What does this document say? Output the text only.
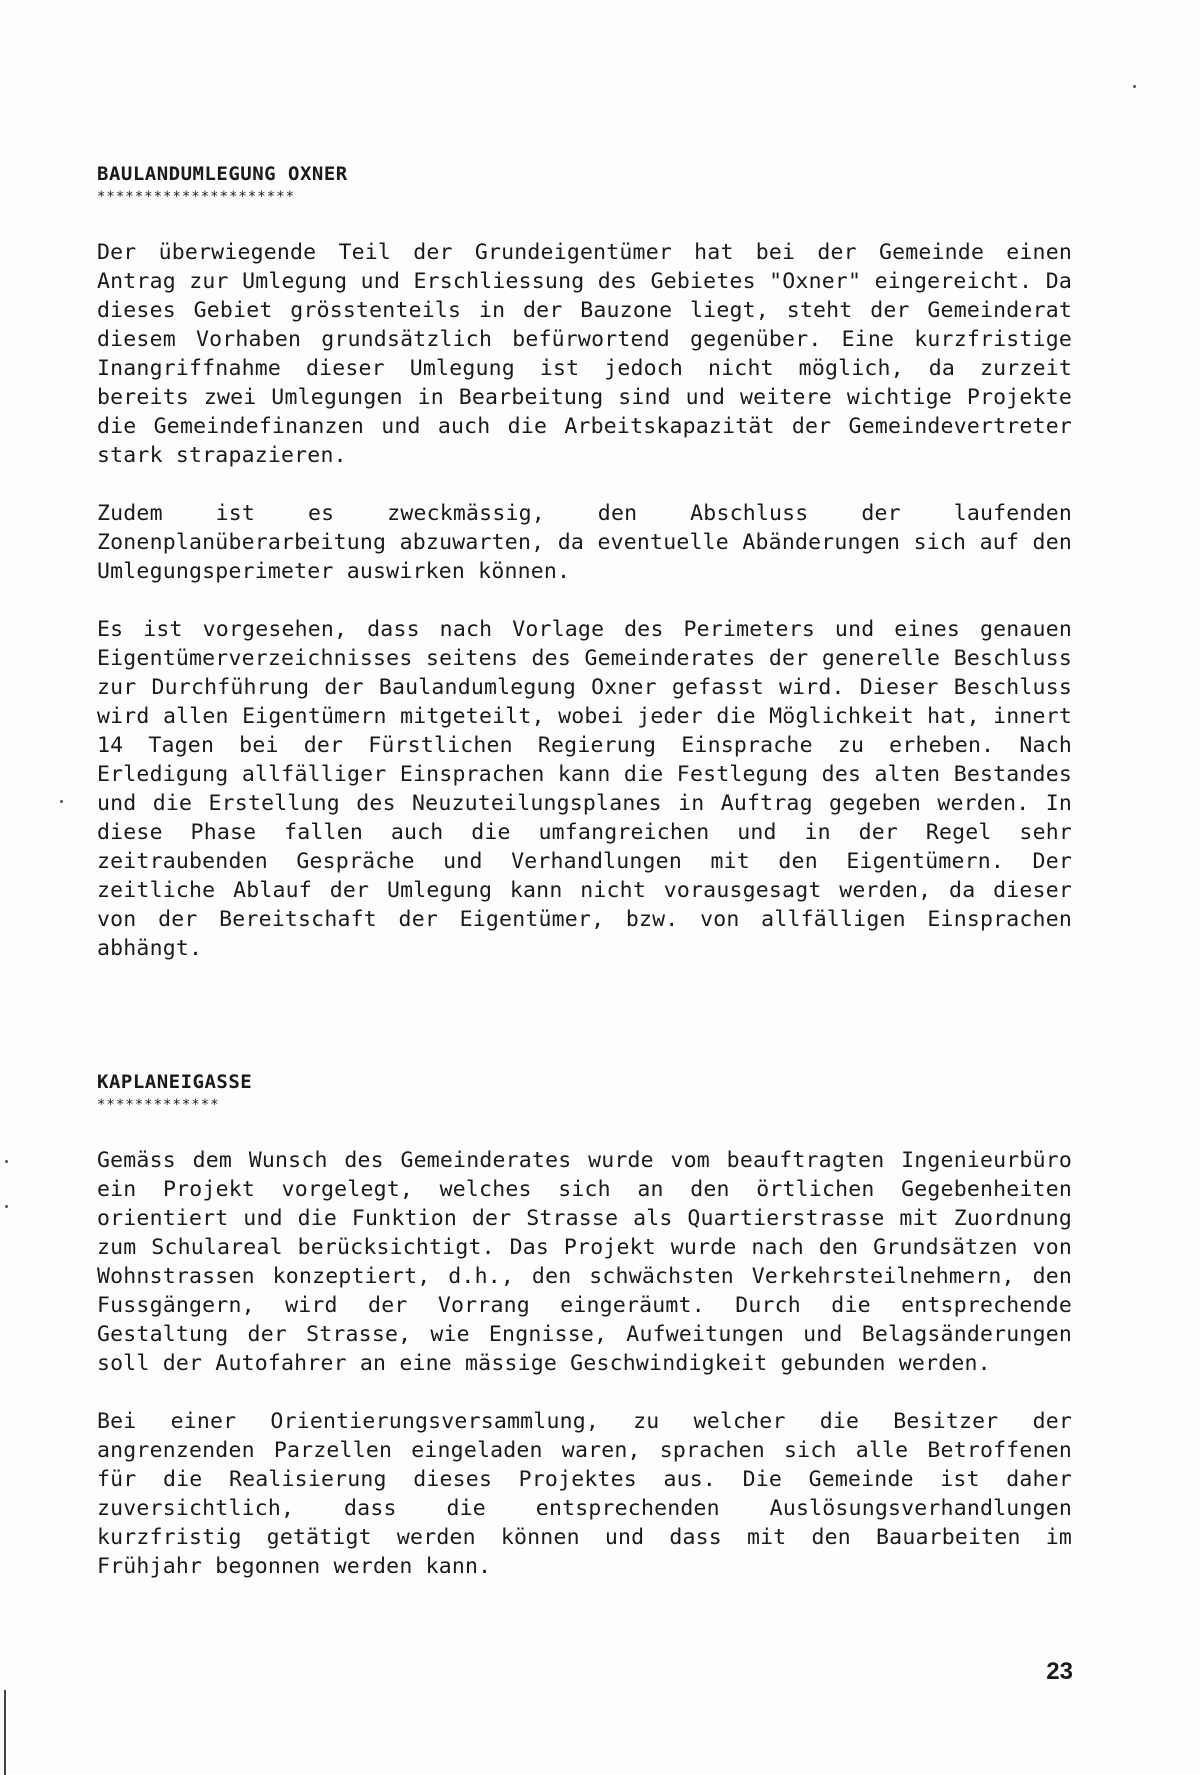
BAULANDUMLEGUNG OXNER
*********************

Der überwiegende Teil der Grundeigentümer hat bei der Gemeinde einen Antrag zur Umlegung und Erschliessung des Gebietes "Oxner" eingereicht. Da dieses Gebiet grösstenteils in der Bauzone liegt, steht der Gemeinderat diesem Vorhaben grundsätzlich befürwortend gegenüber. Eine kurzfristige Inangriffnahme dieser Umlegung ist jedoch nicht möglich, da zurzeit bereits zwei Umlegungen in Bearbeitung sind und weitere wichtige Projekte die Gemeindefinanzen und auch die Arbeitskapazität der Gemeindevertreter stark strapazieren.

Zudem ist es zweckmässig, den Abschluss der laufenden Zonenplanüberarbeitung abzuwarten, da eventuelle Abänderungen sich auf den Umlegungsperimeter auswirken können.

Es ist vorgesehen, dass nach Vorlage des Perimeters und eines genauen Eigentümerverzeichnisses seitens des Gemeinderates der generelle Beschluss zur Durchführung der Baulandumlegung Oxner gefasst wird. Dieser Beschluss wird allen Eigentümern mitgeteilt, wobei jeder die Möglichkeit hat, innert 14 Tagen bei der Fürstlichen Regierung Einsprache zu erheben. Nach Erledigung allfälliger Einsprachen kann die Festlegung des alten Bestandes und die Erstellung des Neuzuteilungsplanes in Auftrag gegeben werden. In diese Phase fallen auch die umfangreichen und in der Regel sehr zeitraubenden Gespräche und Verhandlungen mit den Eigentümern. Der zeitliche Ablauf der Umlegung kann nicht vorausgesagt werden, da dieser von der Bereitschaft der Eigentümer, bzw. von allfälligen Einsprachen abhängt.

KAPLANEIGASSE
*************

Gemäss dem Wunsch des Gemeinderates wurde vom beauftragten Ingenieurbüro ein Projekt vorgelegt, welches sich an den örtlichen Gegebenheiten orientiert und die Funktion der Strasse als Quartierstrasse mit Zuordnung zum Schulareal berücksichtigt. Das Projekt wurde nach den Grundsätzen von Wohnstrassen konzeptiert, d.h., den schwächsten Verkehrsteilnehmern, den Fussgängern, wird der Vorrang eingeräumt. Durch die entsprechende Gestaltung der Strasse, wie Engnisse, Aufweitungen und Belagsänderungen soll der Autofahrer an eine mässige Geschwindigkeit gebunden werden.

Bei einer Orientierungsversammlung, zu welcher die Besitzer der angrenzenden Parzellen eingeladen waren, sprachen sich alle Betroffenen für die Realisierung dieses Projektes aus. Die Gemeinde ist daher zuversichtlich, dass die entsprechenden Auslösungsverhandlungen kurzfristig getätigt werden können und dass mit den Bauarbeiten im Frühjahr begonnen werden kann.

23
